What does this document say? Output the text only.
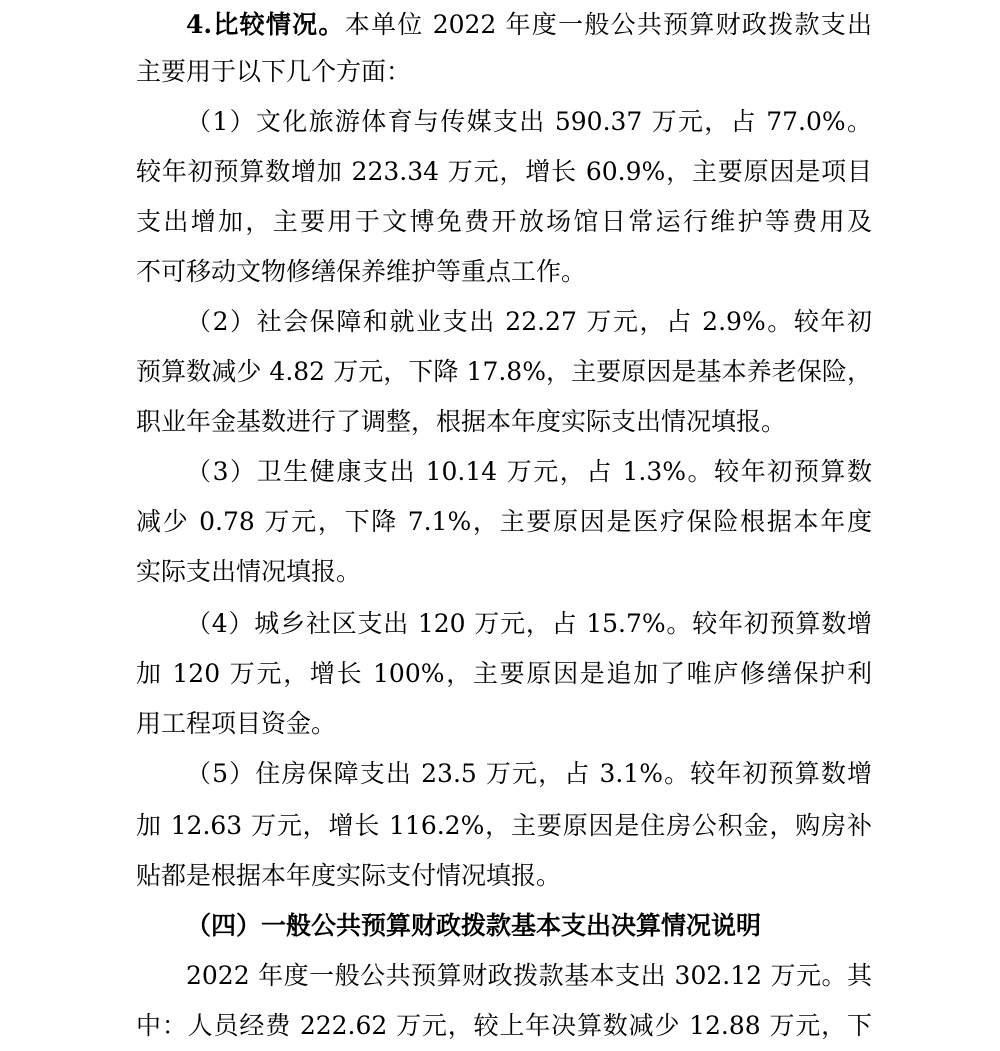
4.比较情况。本单位 2022 年度一般公共预算财政拨款支出
主要用于以下几个方面：
（1）文化旅游体育与传媒支出 590.37 万元，占 77.0%。
较年初预算数增加 223.34 万元，增长 60.9%，主要原因是项目
支出增加，主要用于文博免费开放场馆日常运行维护等费用及
不可移动文物修缮保养维护等重点工作。
（2）社会保障和就业支出 22.27 万元，占 2.9%。较年初
预算数减少 4.82 万元，下降 17.8%，主要原因是基本养老保险，
职业年金基数进行了调整，根据本年度实际支出情况填报。
（3）卫生健康支出 10.14 万元，占 1.3%。较年初预算数
减少 0.78 万元，下降 7.1%，主要原因是医疗保险根据本年度
实际支出情况填报。
（4）城乡社区支出 120 万元，占 15.7%。较年初预算数增
加 120 万元，增长 100%，主要原因是追加了唯庐修缮保护利
用工程项目资金。
（5）住房保障支出 23.5 万元，占 3.1%。较年初预算数增
加 12.63 万元，增长 116.2%，主要原因是住房公积金，购房补
贴都是根据本年度实际支付情况填报。
（四）一般公共预算财政拨款基本支出决算情况说明
2022 年度一般公共预算财政拨款基本支出 302.12 万元。其
中：人员经费 222.62 万元，较上年决算数减少 12.88 万元，下
